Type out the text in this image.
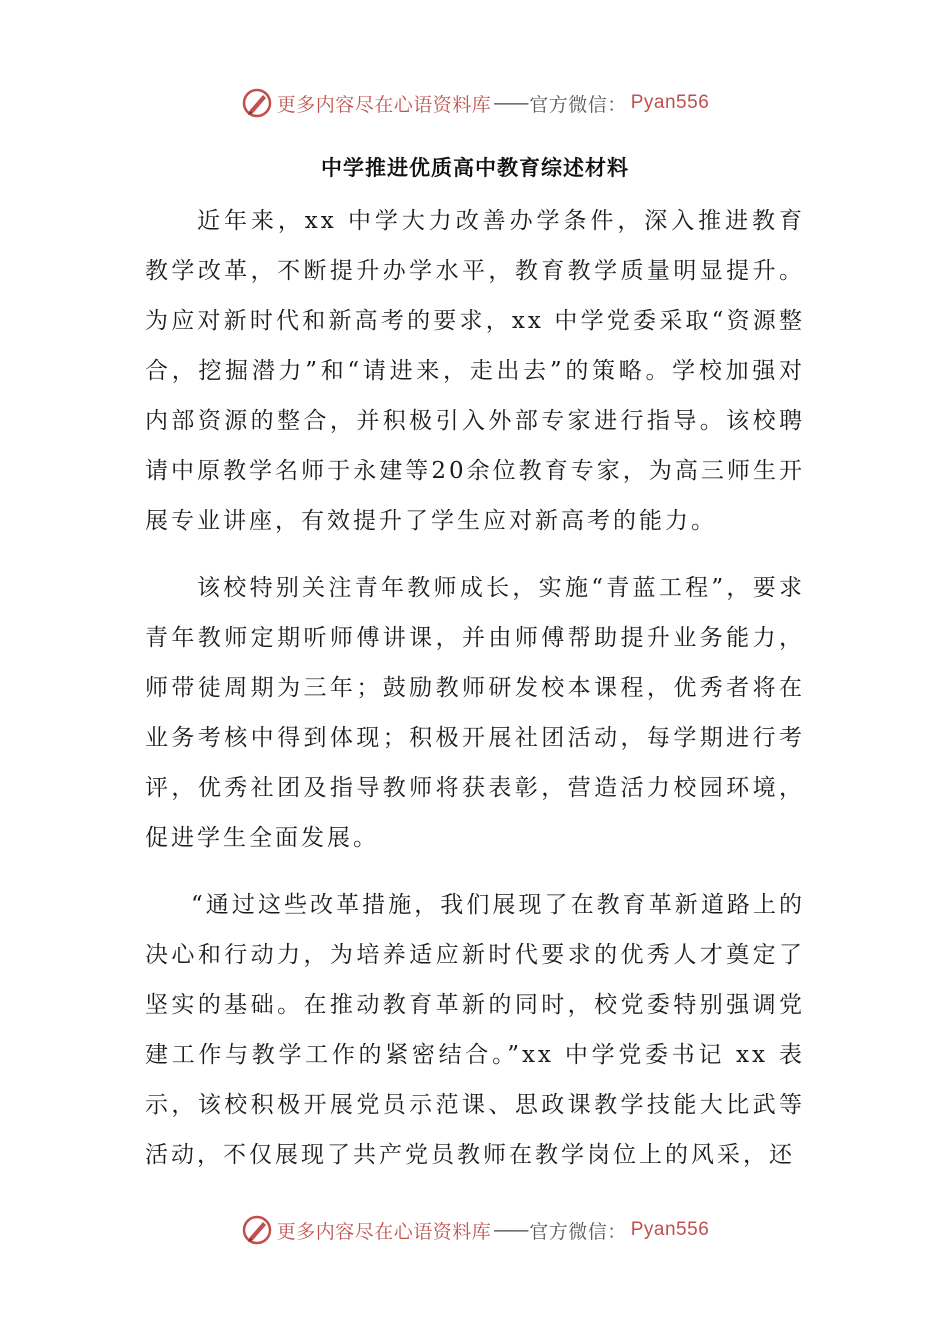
更多内容尽在心语资料库 —— 官方微信： Pyan556
中学推进优质高中教育综述材料

近年来，xx 中学大力改善办学条件，深入推进教育教学改革，不断提升办学水平，教育教学质量明显提升。为应对新时代和新高考的要求，xx 中学党委采取“资源整合，挖掘潜力”和“请进来，走出去”的策略。学校加强对内部资源的整合，并积极引入外部专家进行指导。该校聘请中原教学名师于永建等20余位教育专家，为高三师生开展专业讲座，有效提升了学生应对新高考的能力。

该校特别关注青年教师成长，实施“青蓝工程”，要求青年教师定期听师傅讲课，并由师傅帮助提升业务能力，师带徒周期为三年；鼓励教师研发校本课程，优秀者将在业务考核中得到体现；积极开展社团活动，每学期进行考评，优秀社团及指导教师将获表彰，营造活力校园环境，促进学生全面发展。

“通过这些改革措施，我们展现了在教育革新道路上的决心和行动力，为培养适应新时代要求的优秀人才奠定了坚实的基础。在推动教育革新的同时，校党委特别强调党建工作与教学工作的紧密结合。”xx 中学党委书记 xx 表示，该校积极开展党员示范课、思政课教学技能大比武等活动，不仅展现了共产党员教师在教学岗位上的风采，还

更多内容尽在心语资料库 —— 官方微信： Pyan556
